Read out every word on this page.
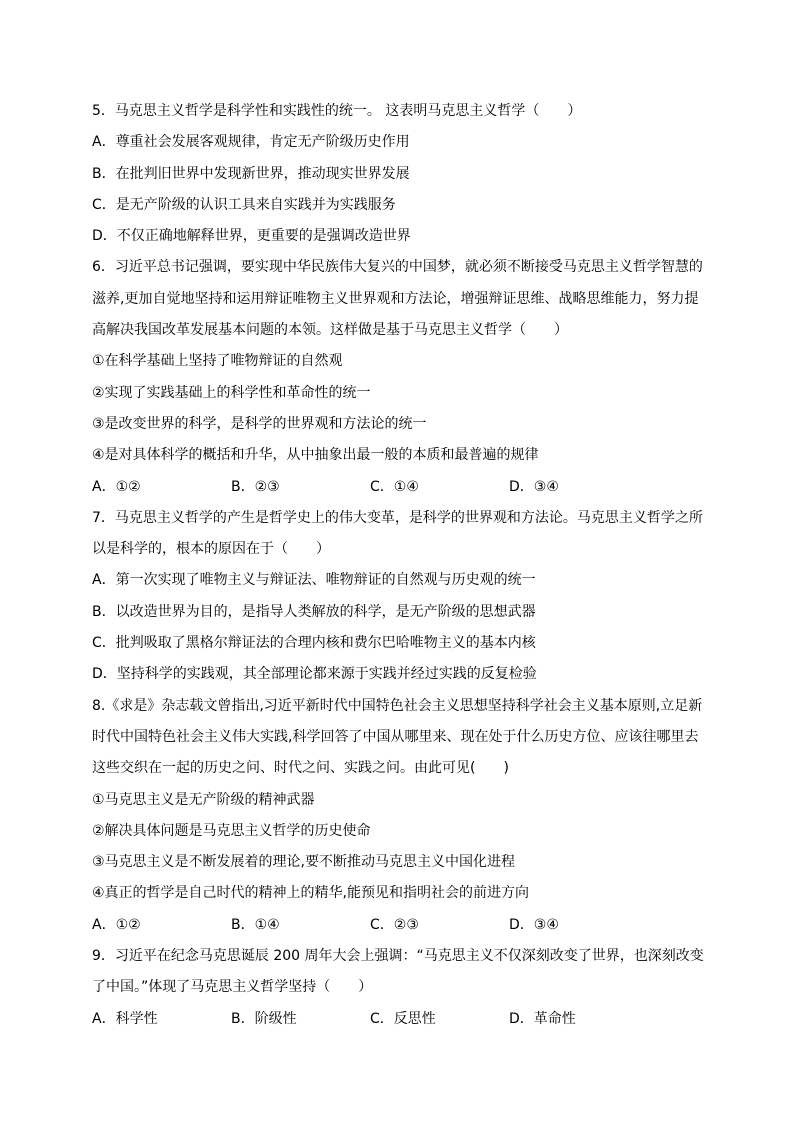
5．马克思主义哲学是科学性和实践性的统一。 这表明马克思主义哲学（　　）
A．尊重社会发展客观规律，肯定无产阶级历史作用
B．在批判旧世界中发现新世界，推动现实世界发展
C．是无产阶级的认识工具来自实践并为实践服务
D．不仅正确地解释世界，更重要的是强调改造世界
6．习近平总书记强调，要实现中华民族伟大复兴的中国梦，就必须不断接受马克思主义哲学智慧的
滋养,更加自觉地坚持和运用辩证唯物主义世界观和方法论，增强辩证思维、战略思维能力，努力提
高解决我国改革发展基本问题的本领。这样做是基于马克思主义哲学（　　）
①在科学基础上坚持了唯物辩证的自然观
②实现了实践基础上的科学性和革命性的统一
③是改变世界的科学，是科学的世界观和方法论的统一
④是对具体科学的概括和升华，从中抽象出最一般的本质和最普遍的规律
A．①②	B．②③	C．①④	D．③④
7．马克思主义哲学的产生是哲学史上的伟大变革，是科学的世界观和方法论。马克思主义哲学之所
以是科学的，根本的原因在于（　　）
A．第一次实现了唯物主义与辩证法、唯物辩证的自然观与历史观的统一
B．以改造世界为目的，是指导人类解放的科学，是无产阶级的思想武器
C．批判吸取了黑格尔辩证法的合理内核和费尔巴哈唯物主义的基本内核
D．坚持科学的实践观，其全部理论都来源于实践并经过实践的反复检验
8.《求是》杂志载文曾指出,习近平新时代中国特色社会主义思想坚持科学社会主义基本原则,立足新
时代中国特色社会主义伟大实践,科学回答了中国从哪里来、现在处于什么历史方位、应该往哪里去
这些交织在一起的历史之问、时代之问、实践之问。由此可见(　　)
①马克思主义是无产阶级的精神武器
②解决具体问题是马克思主义哲学的历史使命
③马克思主义是不断发展着的理论,要不断推动马克思主义中国化进程
④真正的哲学是自己时代的精神上的精华,能预见和指明社会的前进方向
A．①②	B．①④	C．②③	D．③④
9．习近平在纪念马克思诞辰 200 周年大会上强调：“马克思主义不仅深刻改变了世界，也深刻改变
了中国。”体现了马克思主义哲学坚持（　　）
A．科学性	B．阶级性	C．反思性	D．革命性
